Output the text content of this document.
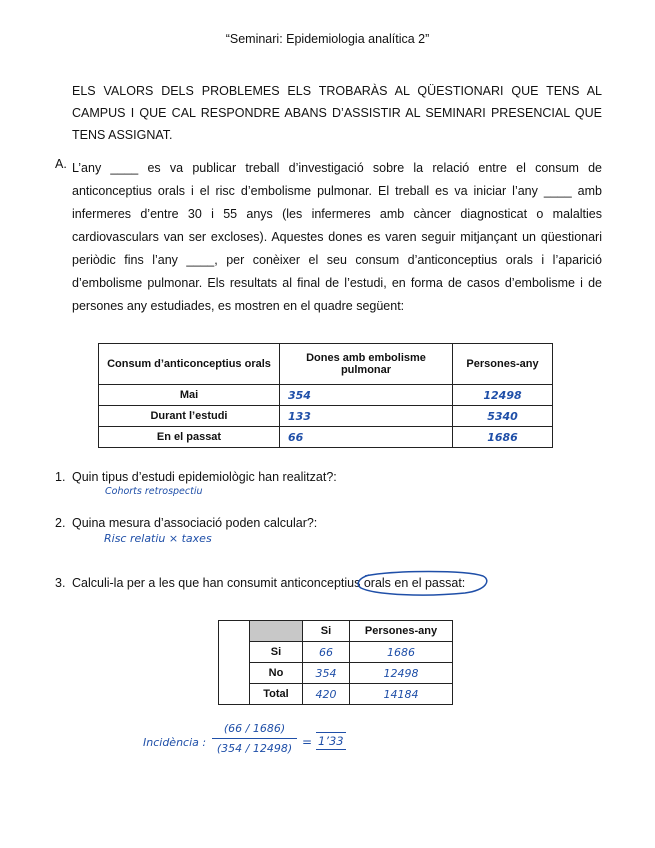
“Seminari: Epidemiologia analítica 2”
ELS VALORS DELS PROBLEMES ELS TROBARÀS AL QÜESTIONARI QUE TENS AL CAMPUS I QUE CAL RESPONDRE ABANS D’ASSISTIR AL SEMINARI PRESENCIAL QUE TENS ASSIGNAT.
A. L’any ____ es va publicar treball d’investigació sobre la relació entre el consum de anticonceptius orals i el risc d’embolisme pulmonar. El treball es va iniciar l’any ____ amb infermeres d’entre 30 i 55 anys (les infermeres amb càncer diagnosticat o malalties cardiovasculars van ser excloses). Aquestes dones es varen seguir mitjançant un qüestionari periòdic fins l’any ____, per conèixer el seu consum d’anticonceptius orals i l’aparició d’embolisme pulmonar. Els resultats al final de l’estudi, en forma de casos d’embolisme i de persones any estudiades, es mostren en el quadre següent:
Consum d’anticonceptius orals	Dones amb embolisme pulmonar	Persones-any
Mai	354	12498
Durant l’estudi	133	5340
En el passat	66	1686
1. Quin tipus d’estudi epidemiològic han realitzat?:
Cohorts retrospectiu
2. Quina mesura d’associació poden calcular?:
Risc relatiu × taxes
3. Calculi-la per a les que han consumit anticonceptius orals en el passat:
		Si	Persones-any
	Si	66	1686
	No	354	12498
	Total	420	14184
Incidència :
(66 / 1686)
(354 / 12498) = 1’33
